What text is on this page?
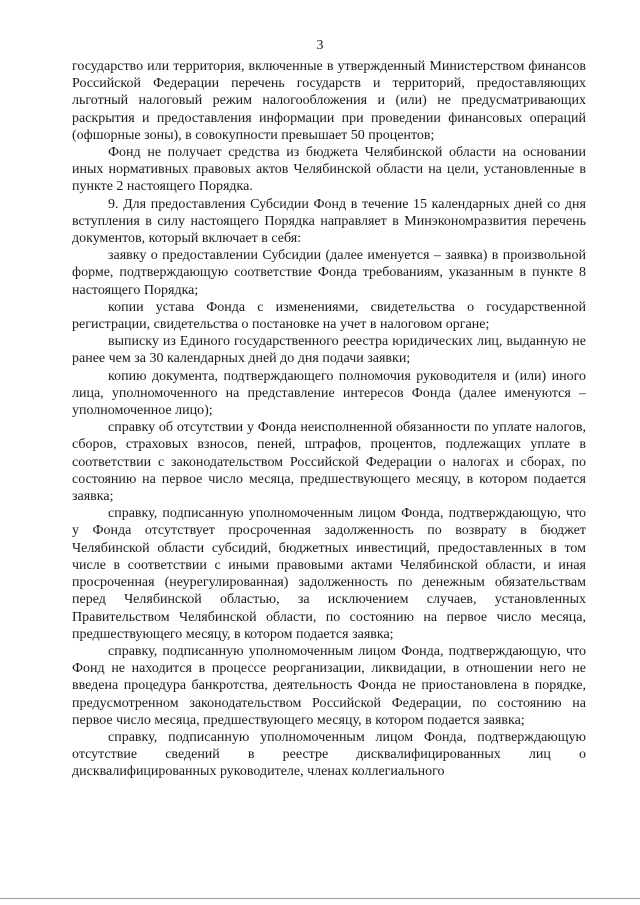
3

государство или территория, включенные в утвержденный Министерством финансов Российской Федерации перечень государств и территорий, предоставляющих льготный налоговый режим налогообложения и (или) не предусматривающих раскрытия и предоставления информации при проведении финансовых операций (офшорные зоны), в совокупности превышает 50 процентов;

Фонд не получает средства из бюджета Челябинской области на основании иных нормативных правовых актов Челябинской области на цели, установленные в пункте 2 настоящего Порядка.

9. Для предоставления Субсидии Фонд в течение 15 календарных дней со дня вступления в силу настоящего Порядка направляет в Минэкономразвития перечень документов, который включает в себя:

заявку о предоставлении Субсидии (далее именуется – заявка) в произвольной форме, подтверждающую соответствие Фонда требованиям, указанным в пункте 8 настоящего Порядка;

копии устава Фонда с изменениями, свидетельства о государственной регистрации, свидетельства о постановке на учет в налоговом органе;

выписку из Единого государственного реестра юридических лиц, выданную не ранее чем за 30 календарных дней до дня подачи заявки;

копию документа, подтверждающего полномочия руководителя и (или) иного лица, уполномоченного на представление интересов Фонда (далее именуются – уполномоченное лицо);

справку об отсутствии у Фонда неисполненной обязанности по уплате налогов, сборов, страховых взносов, пеней, штрафов, процентов, подлежащих уплате в соответствии с законодательством Российской Федерации о налогах и сборах, по состоянию на первое число месяца, предшествующего месяцу, в котором подается заявка;

справку, подписанную уполномоченным лицом Фонда, подтверждающую, что у Фонда отсутствует просроченная задолженность по возврату в бюджет Челябинской области субсидий, бюджетных инвестиций, предоставленных в том числе в соответствии с иными правовыми актами Челябинской области, и иная просроченная (неурегулированная) задолженность по денежным обязательствам перед Челябинской областью, за исключением случаев, установленных Правительством Челябинской области, по состоянию на первое число месяца, предшествующего месяцу, в котором подается заявка;

справку, подписанную уполномоченным лицом Фонда, подтверждающую, что Фонд не находится в процессе реорганизации, ликвидации, в отношении него не введена процедура банкротства, деятельность Фонда не приостановлена в порядке, предусмотренном законодательством Российской Федерации, по состоянию на первое число месяца, предшествующего месяцу, в котором подается заявка;

справку, подписанную уполномоченным лицом Фонда, подтверждающую отсутствие сведений в реестре дисквалифицированных лиц о дисквалифицированных руководителе, членах коллегиального
